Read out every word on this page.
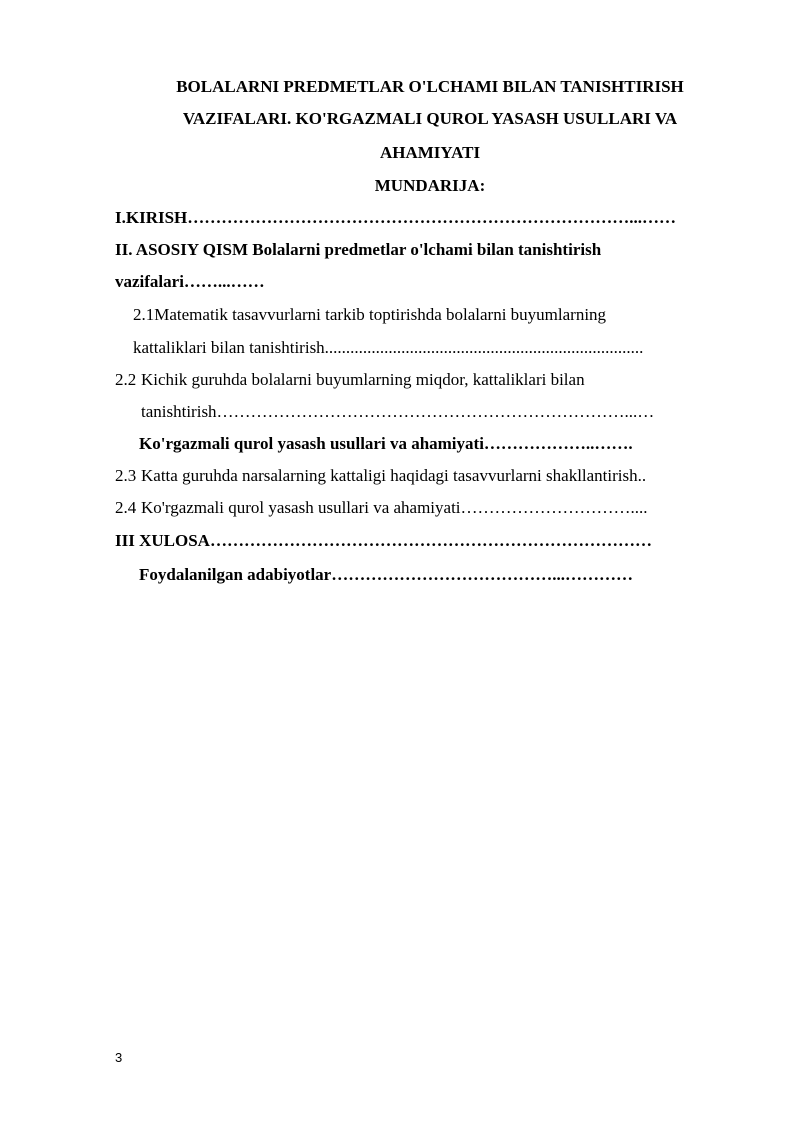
BOLALARNI PREDMETLAR O'LCHAMI BILAN TANISHTIRISH
VAZIFALARI. KO'RGAZMALI QUROL YASASH USULLARI VA
AHAMIYATI
MUNDARIJA:
I.KIRISH……………………………………………………………………...……
II. ASOSIY QISM Bolalarni predmetlar o'lchami bilan tanishtirish
vazifalari……...……
2.1Matematik tasavvurlarni tarkib toptirishda bolalarni buyumlarning
kattaliklari bilan tanishtirish...........................................................................
2.2 Kichik guruhda bolalarni buyumlarning miqdor, kattaliklari bilan
tanishtirish………………………………………………………………...…
Ko'rgazmali qurol yasash usullari va ahamiyati………………..…….
2.3 Katta guruhda narsalarning kattaligi haqidagi tasavvurlarni shakllantirish..
2.4 Ko'rgazmali qurol yasash usullari va ahamiyati…………………………....
III XULOSA……………………………………………………………………
Foydalanilgan adabiyotlar…………………………………...…………
3
